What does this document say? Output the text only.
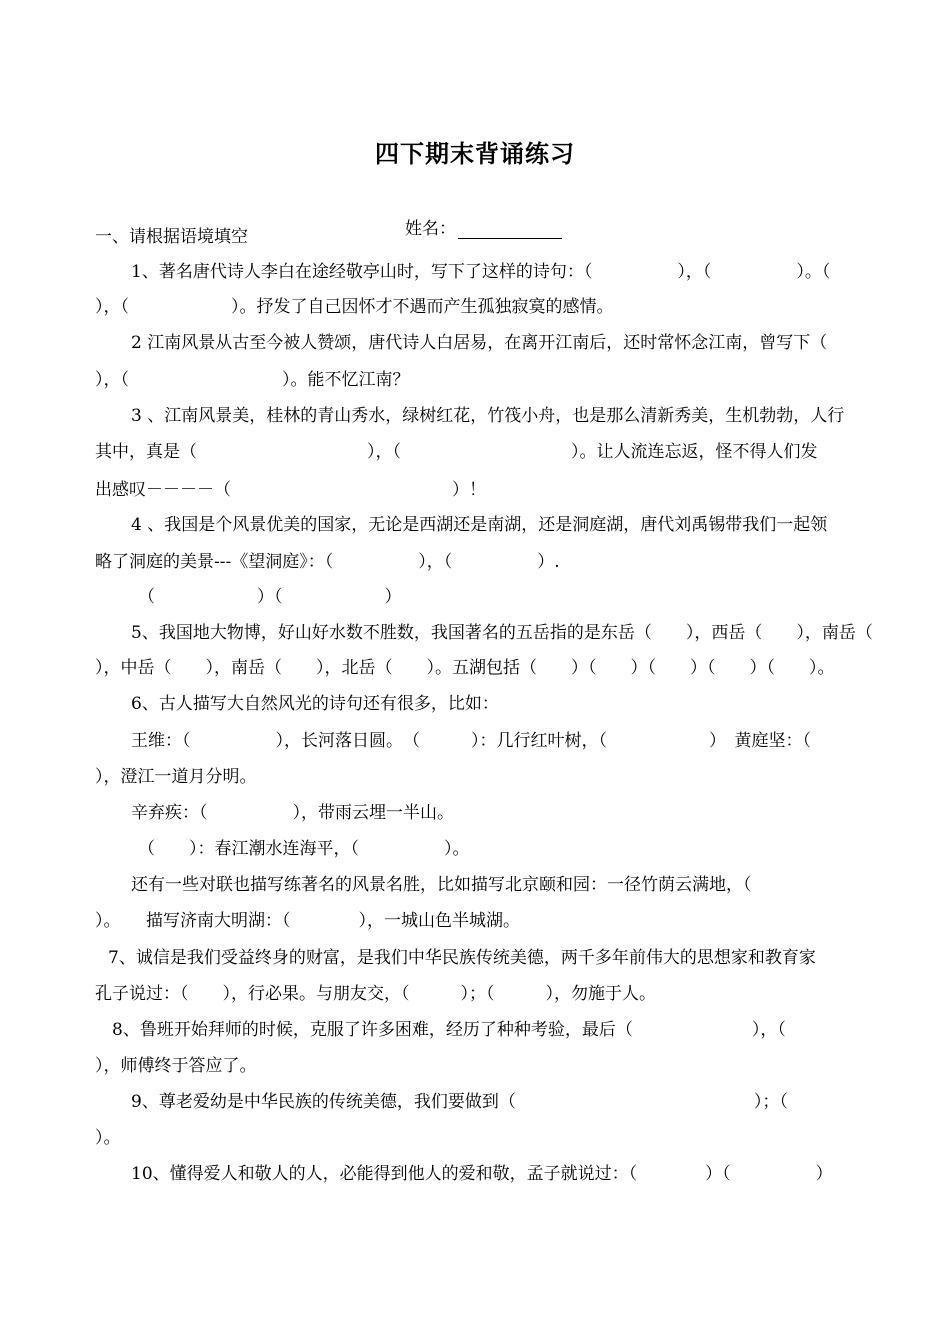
四下期末背诵练习
姓名：
一、请根据语境填空
1、著名唐代诗人李白在途经敬亭山时，写下了这样的诗句：（　　　　　），（　　　　　）。（
），（　　　　　　）。抒发了自己因怀才不遇而产生孤独寂寞的感情。
2 江南风景从古至今被人赞颂，唐代诗人白居易，在离开江南后，还时常怀念江南，曾写下（
），（　　　　　　　　　）。能不忆江南？
3 、江南风景美，桂林的青山秀水，绿树红花，竹筏小舟，也是那么清新秀美，生机勃勃，人行
其中，真是（　　　　　　　　　　），（　　　　　　　　　　）。让人流连忘返，怪不得人们发
出感叹－－－－（　　　　　　　　　　　　　）！
4 、我国是个风景优美的国家，无论是西湖还是南湖，还是洞庭湖，唐代刘禹锡带我们一起领
略了洞庭的美景---《望洞庭》：（　　　　　），（　　　　　）.
（　　　　　　）（　　　　　　）
5、我国地大物博，好山好水数不胜数，我国著名的五岳指的是东岳（　　），西岳（　　），南岳（
），中岳（　　），南岳（　　），北岳（　　）。五湖包括（　　）（　　）（　　）（　　）（　　）。
6、古人描写大自然风光的诗句还有很多，比如：
王维：（　　　　　），长河落日圆。　（　　　）：几行红叶树，（　　　　　　）　黄庭坚：（
），澄江一道月分明。
辛弃疾：（　　　　　），带雨云埋一半山。
（　　）：春江潮水连海平，（　　　　　）。
还有一些对联也描写练著名的风景名胜，比如描写北京颐和园：一径竹荫云满地，（
）。　　描写济南大明湖：（　　　　），一城山色半城湖。
7、诚信是我们受益终身的财富，是我们中华民族传统美德，两千多年前伟大的思想家和教育家
孔子说过：（　　），行必果。与朋友交，（　　　）；（　　　），勿施于人。
8、鲁班开始拜师的时候，克服了许多困难，经历了种种考验，最后（　　　　　　　），（
），师傅终于答应了。
9、尊老爱幼是中华民族的传统美德，我们要做到（　　　　　　　　　　　　　　）；（
）。
10、懂得爱人和敬人的人，必能得到他人的爱和敬，孟子就说过：（　　　　）（　　　　　）
